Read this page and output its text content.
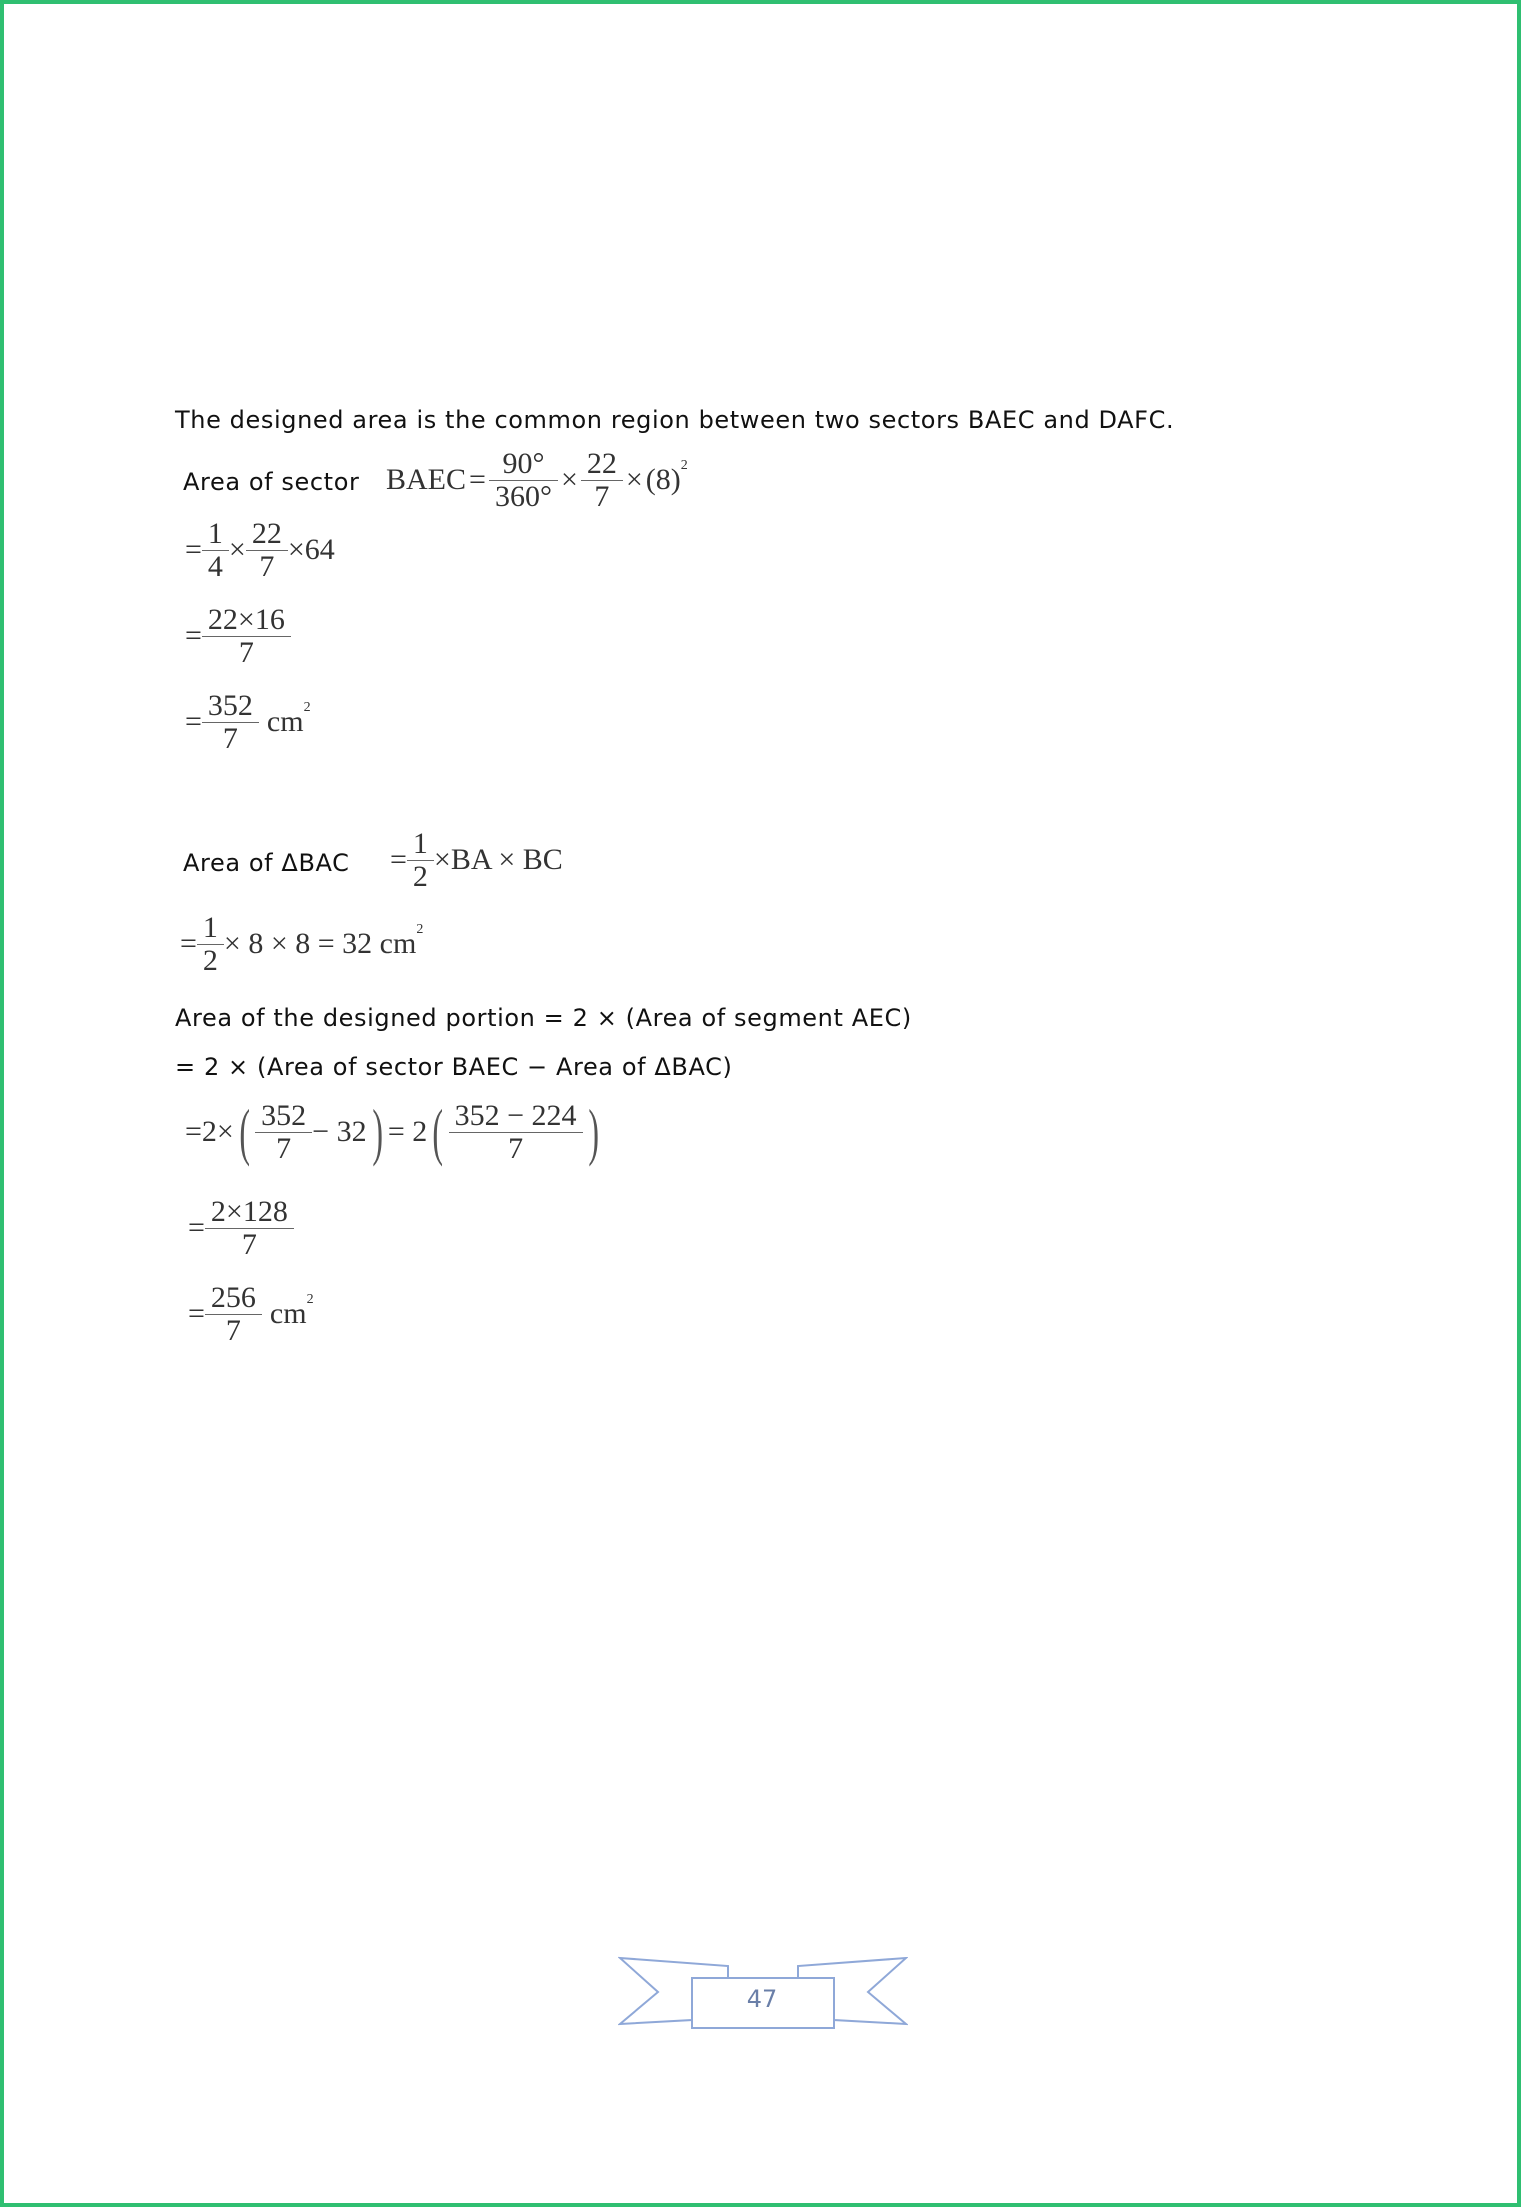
The designed area is the common region between two sectors BAEC and DAFC.
Area of sector BAEC = $\frac{90^\circ}{360^\circ} \times \frac{22}{7} \times (8)$ 2
= $\frac{1}{4} \times \frac{22}{7} \times 64$
= $\frac{22\times 16}{7}$
= $\frac{352}{7}$ cm 2
Area of $\Delta BAC = \frac{1}{2}$ × BA × BC
= $\frac{1}{2} \times 8 \times 8 = 32$ cm 2
Area of the designed portion = 2 × (Area of segment AEC)
= 2 × (Area of sector BAEC − Area of ΔBAC)
= 2× ( $\frac{352}{7} - 32$ ) = 2 ( $\frac{352 - 224}{7}$ )
= $\frac{2\times 128}{7}$
= $\frac{256}{7}$ cm 2
47
